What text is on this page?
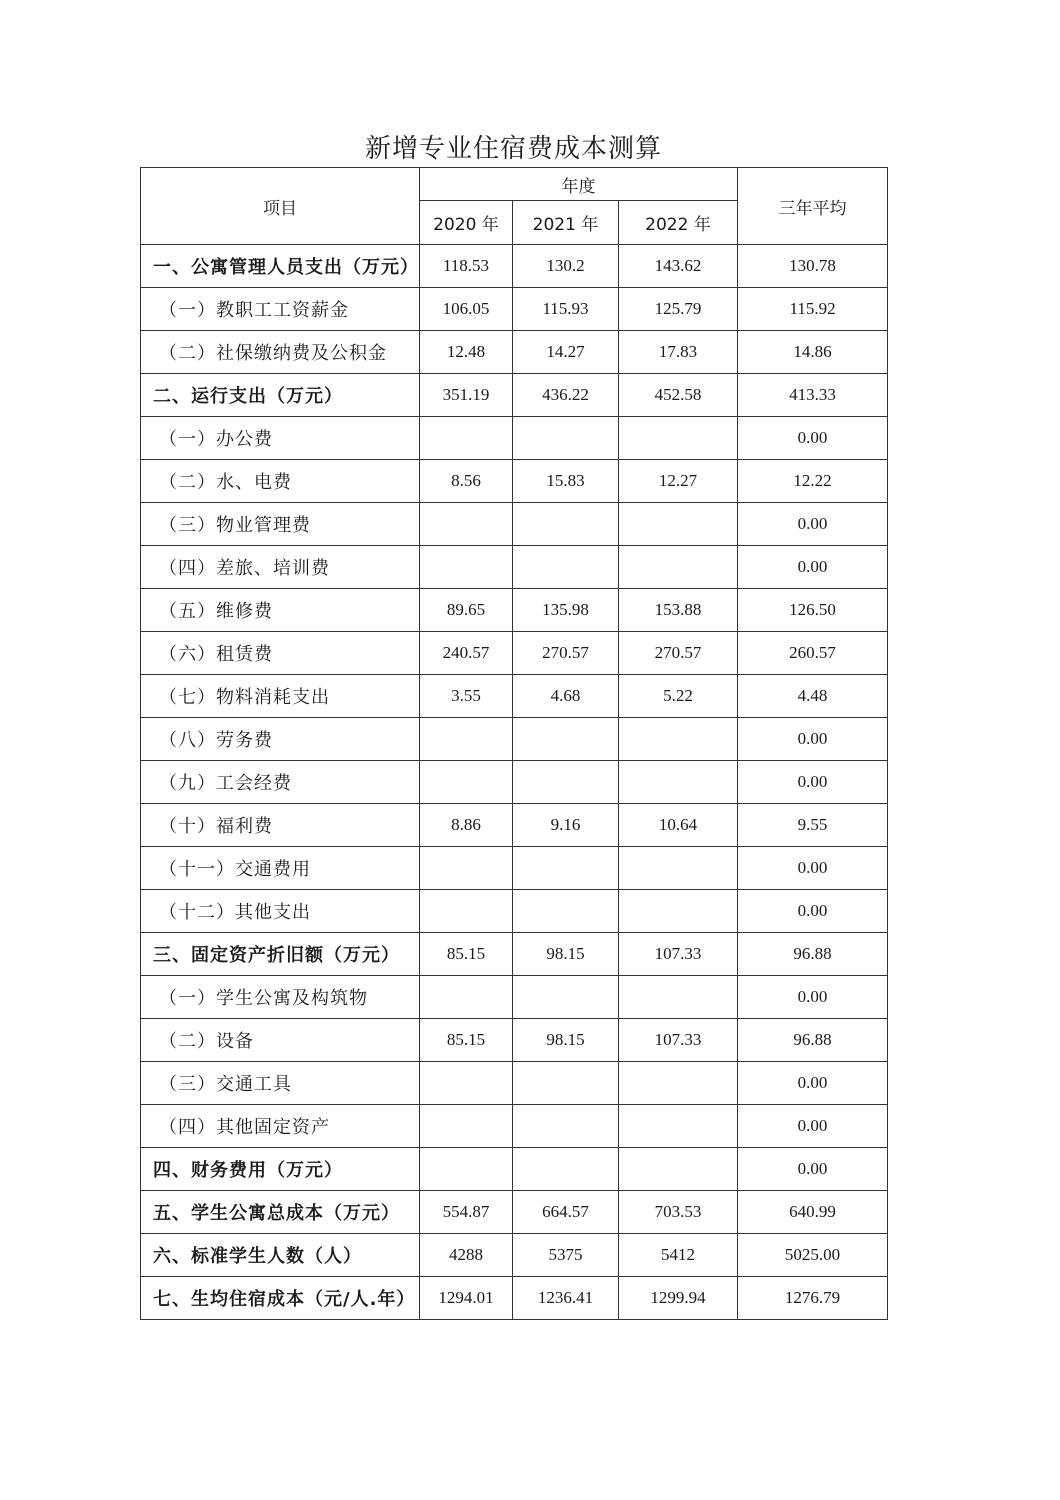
新增专业住宿费成本测算
项目	年度			三年平均
	2020 年	2021 年	2022 年	
一、公寓管理人员支出（万元）	118.53	130.2	143.62	130.78
（一）教职工工资薪金	106.05	115.93	125.79	115.92
（二）社保缴纳费及公积金	12.48	14.27	17.83	14.86
二、运行支出（万元）	351.19	436.22	452.58	413.33
（一）办公费				0.00
（二）水、电费	8.56	15.83	12.27	12.22
（三）物业管理费				0.00
（四）差旅、培训费				0.00
（五）维修费	89.65	135.98	153.88	126.50
（六）租赁费	240.57	270.57	270.57	260.57
（七）物料消耗支出	3.55	4.68	5.22	4.48
（八）劳务费				0.00
（九）工会经费				0.00
（十）福利费	8.86	9.16	10.64	9.55
（十一）交通费用				0.00
（十二）其他支出				0.00
三、固定资产折旧额（万元）	85.15	98.15	107.33	96.88
（一）学生公寓及构筑物				0.00
（二）设备	85.15	98.15	107.33	96.88
（三）交通工具				0.00
（四）其他固定资产				0.00
四、财务费用（万元）				0.00
五、学生公寓总成本（万元）	554.87	664.57	703.53	640.99
六、标准学生人数（人）	4288	5375	5412	5025.00
七、生均住宿成本（元/人.年）	1294.01	1236.41	1299.94	1276.79
